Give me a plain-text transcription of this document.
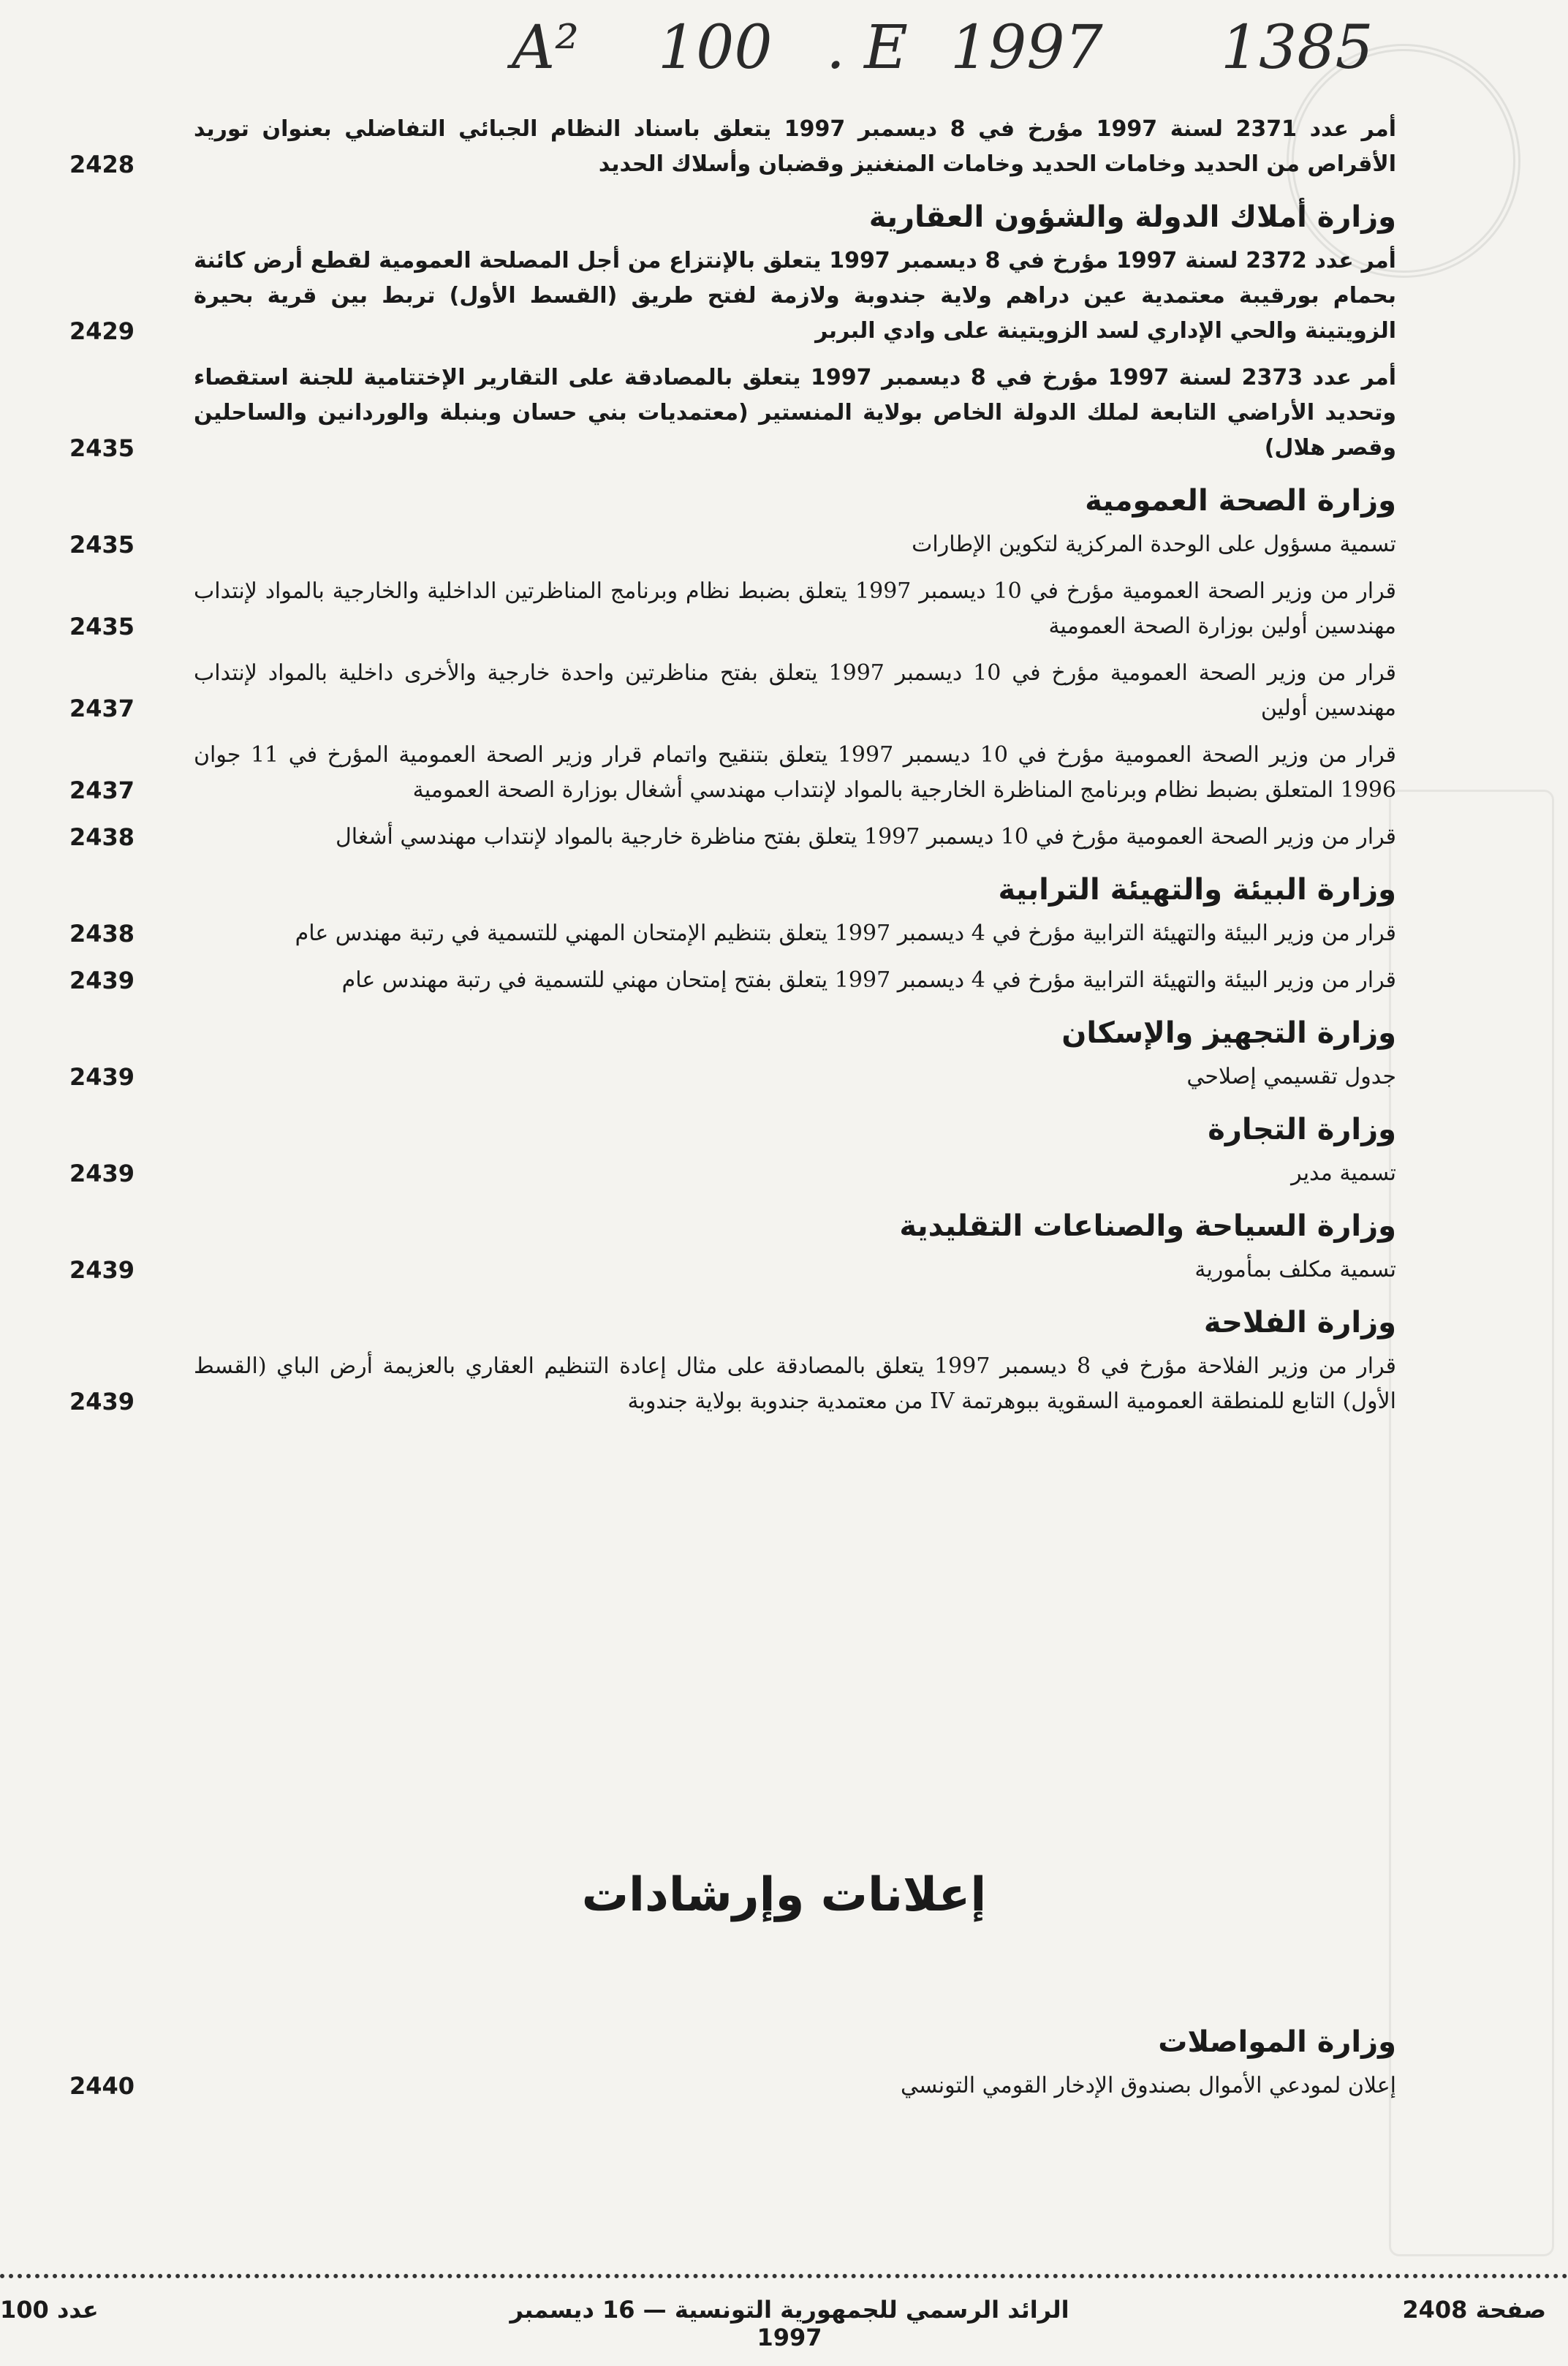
A² 100 . E 1997 1385
أمر عدد 2371 لسنة 1997 مؤرخ في 8 ديسمبر 1997 يتعلق باسناد النظام الجبائي التفاضلي بعنوان توريد الأقراص من الحديد وخامات الحديد وخامات المنغنيز وقضبان وأسلاك الحديد
2428
وزارة أملاك الدولة والشؤون العقارية
أمر عدد 2372 لسنة 1997 مؤرخ في 8 ديسمبر 1997 يتعلق بالإنتزاع من أجل المصلحة العمومية لقطع أرض كائنة بحمام بورقيبة معتمدية عين دراهم ولاية جندوبة ولازمة لفتح طريق (القسط الأول) تربط بين قرية بحيرة الزويتينة والحي الإداري لسد الزويتينة على وادي البربر
2429
أمر عدد 2373 لسنة 1997 مؤرخ في 8 ديسمبر 1997 يتعلق بالمصادقة على التقارير الإختتامية للجنة استقصاء وتحديد الأراضي التابعة لملك الدولة الخاص بولاية المنستير (معتمديات بني حسان وبنبلة والوردانين والساحلين وقصر هلال)
2435
وزارة الصحة العمومية
تسمية مسؤول على الوحدة المركزية لتكوين الإطارات
2435
قرار من وزير الصحة العمومية مؤرخ في 10 ديسمبر 1997 يتعلق بضبط نظام وبرنامج المناظرتين الداخلية والخارجية بالمواد لإنتداب مهندسين أولين بوزارة الصحة العمومية
2435
قرار من وزير الصحة العمومية مؤرخ في 10 ديسمبر 1997 يتعلق بفتح مناظرتين واحدة خارجية والأخرى داخلية بالمواد لإنتداب مهندسين أولين
2437
قرار من وزير الصحة العمومية مؤرخ في 10 ديسمبر 1997 يتعلق بتنقيح واتمام قرار وزير الصحة العمومية المؤرخ في 11 جوان 1996 المتعلق بضبط نظام وبرنامج المناظرة الخارجية بالمواد لإنتداب مهندسي أشغال بوزارة الصحة العمومية
2437
قرار من وزير الصحة العمومية مؤرخ في 10 ديسمبر 1997 يتعلق بفتح مناظرة خارجية بالمواد لإنتداب مهندسي أشغال
2438
وزارة البيئة والتهيئة الترابية
قرار من وزير البيئة والتهيئة الترابية مؤرخ في 4 ديسمبر 1997 يتعلق بتنظيم الإمتحان المهني للتسمية في رتبة مهندس عام
2438
قرار من وزير البيئة والتهيئة الترابية مؤرخ في 4 ديسمبر 1997 يتعلق بفتح إمتحان مهني للتسمية في رتبة مهندس عام
2439
وزارة التجهيز والإسكان
جدول تقسيمي إصلاحي
2439
وزارة التجارة
تسمية مدير
2439
وزارة السياحة والصناعات التقليدية
تسمية مكلف بمأمورية
2439
وزارة الفلاحة
قرار من وزير الفلاحة مؤرخ في 8 ديسمبر 1997 يتعلق بالمصادقة على مثال إعادة التنظيم العقاري بالعزيمة أرض الباي (القسط الأول) التابع للمنطقة العمومية السقوية ببوهرتمة IV من معتمدية جندوبة بولاية جندوبة
2439
إعلانات وإرشادات
وزارة المواصلات
إعلان لمودعي الأموال بصندوق الإدخار القومي التونسي
2440
صفحة 2408
الرائد الرسمي للجمهورية التونسية — 16 ديسمبر 1997
عدد 100
